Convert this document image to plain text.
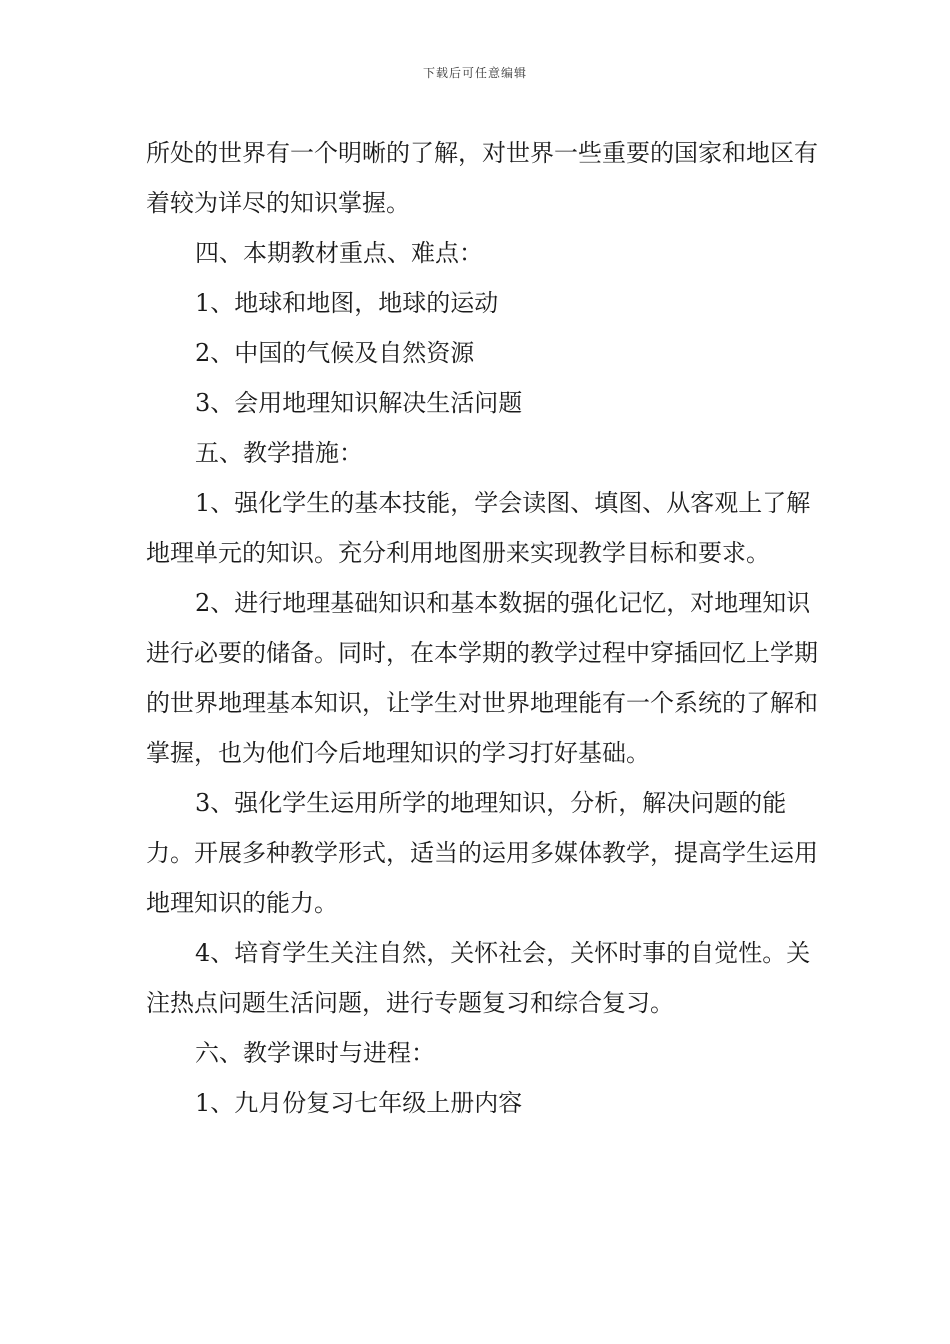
下载后可任意编辑

所处的世界有一个明晰的了解，对世界一些重要的国家和地区有着较为详尽的知识掌握。

四、本期教材重点、难点：

1、地球和地图，地球的运动

2、中国的气候及自然资源

3、会用地理知识解决生活问题

五、教学措施：

1、强化学生的基本技能，学会读图、填图、从客观上了解地理单元的知识。充分利用地图册来实现教学目标和要求。

2、进行地理基础知识和基本数据的强化记忆，对地理知识进行必要的储备。同时，在本学期的教学过程中穿插回忆上学期的世界地理基本知识，让学生对世界地理能有一个系统的了解和掌握，也为他们今后地理知识的学习打好基础。

3、强化学生运用所学的地理知识，分析，解决问题的能力。开展多种教学形式，适当的运用多媒体教学，提高学生运用地理知识的能力。

4、培育学生关注自然，关怀社会，关怀时事的自觉性。关注热点问题生活问题，进行专题复习和综合复习。

六、教学课时与进程：

1、九月份复习七年级上册内容
